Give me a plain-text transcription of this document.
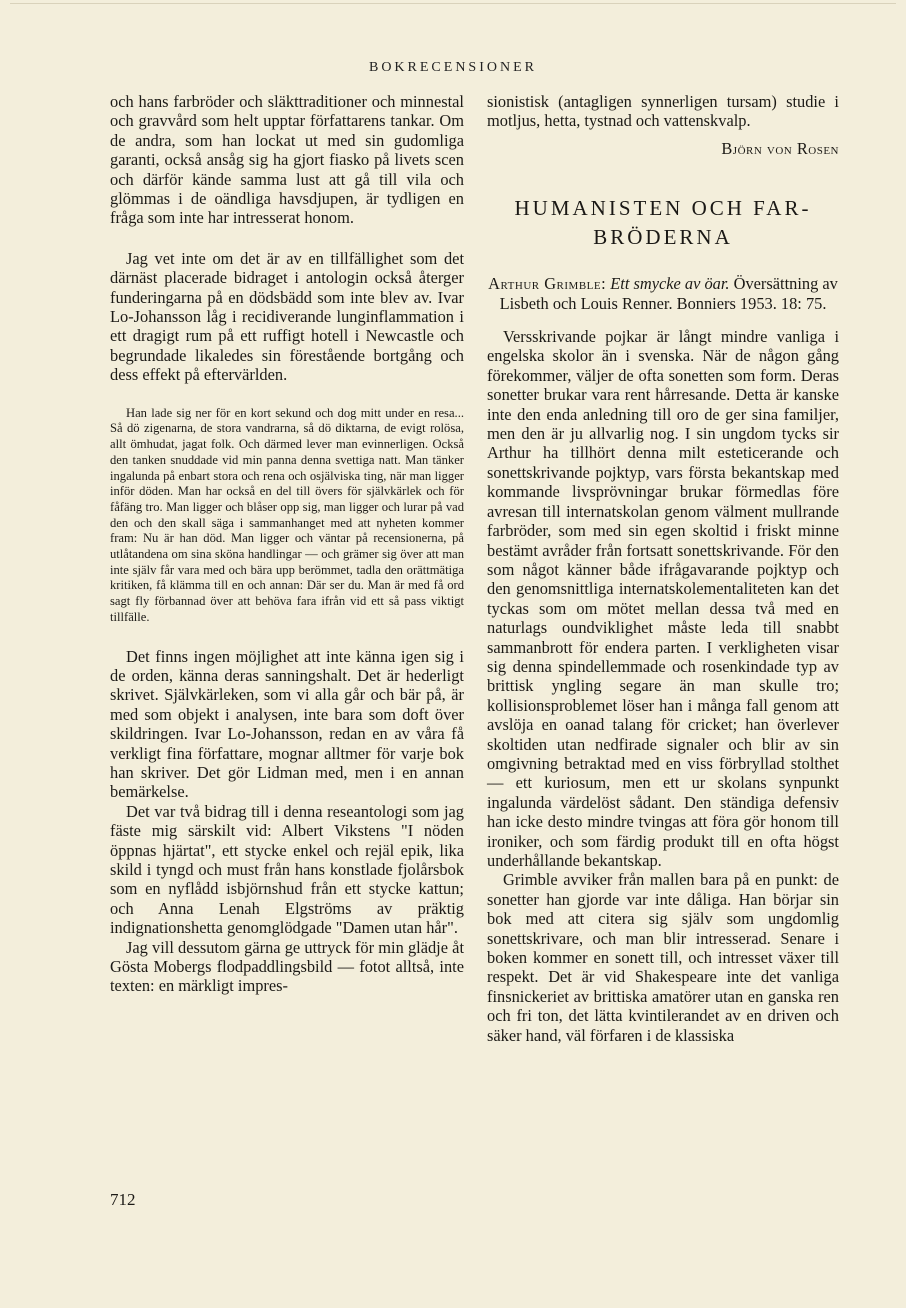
BOKRECENSIONER

och hans farbröder och släkttraditioner och minnestal och gravvård som helt upptar författarens tankar. Om de andra, som han lockat ut med sin gudomliga garanti, också ansåg sig ha gjort fiasko på livets scen och därför kände samma lust att gå till vila och glömmas i de oändliga havsdjupen, är tydligen en fråga som inte har intresserat honom.

Jag vet inte om det är av en tillfällighet som det därnäst placerade bidraget i antologin också återger funderingarna på en dödsbädd som inte blev av. Ivar Lo-Johansson låg i recidiverande lunginflammation i ett dragigt rum på ett ruffigt hotell i Newcastle och begrundade likaledes sin förestående bortgång och dess effekt på eftervärlden.

Han lade sig ner för en kort sekund och dog mitt under en resa... Så dö zigenarna, de stora vandrarna, så dö diktarna, de evigt rolösa, allt ömhudat, jagat folk. Och därmed lever man evinnerligen. Också den tanken snuddade vid min panna denna svettiga natt. Man tänker ingalunda på enbart stora och rena och osjälviska ting, när man ligger inför döden. Man har också en del till övers för självkärlek och för fåfäng tro. Man ligger och blåser opp sig, man ligger och lurar på vad den och den skall säga i sammanhanget med att nyheten kommer fram: Nu är han död. Man ligger och väntar på recensionerna, på utlåtandena om sina sköna handlingar — och grämer sig över att man inte själv får vara med och bära upp berömmet, tadla den orättmätiga kritiken, få klämma till en och annan: Där ser du. Man är med få ord sagt fly förbannad över att behöva fara ifrån vid ett så pass viktigt tillfälle.

Det finns ingen möjlighet att inte känna igen sig i de orden, känna deras sanningshalt. Det är hederligt skrivet. Självkärleken, som vi alla går och bär på, är med som objekt i analysen, inte bara som doft över skildringen. Ivar Lo-Johansson, redan en av våra få verkligt fina författare, mognar alltmer för varje bok han skriver. Det gör Lidman med, men i en annan bemärkelse.

Det var två bidrag till i denna reseantologi som jag fäste mig särskilt vid: Albert Vikstens "I nöden öppnas hjärtat", ett stycke enkel och rejäl epik, lika skild i tyngd och must från hans konstlade fjolårsbok som en nyflådd isbjörnshud från ett stycke kattun; och Anna Lenah Elgströms av präktig indignationshetta genomglödgade "Damen utan hår".

Jag vill dessutom gärna ge uttryck för min glädje åt Gösta Mobergs flodpaddlingsbild — fotot alltså, inte texten: en märkligt impres-

sionistisk (antagligen synnerligen tursam) studie i motljus, hetta, tystnad och vattenskvalp.

Björn von Rosen
HUMANISTEN OCH FAR-
BRÖDERNA
Arthur Grimble: Ett smycke av öar. Översättning av Lisbeth och Louis Renner. Bonniers 1953. 18: 75.

Versskrivande pojkar är långt mindre vanliga i engelska skolor än i svenska. När de någon gång förekommer, väljer de ofta sonetten som form. Deras sonetter brukar vara rent hårresande. Detta är kanske inte den enda anledning till oro de ger sina familjer, men den är ju allvarlig nog. I sin ungdom tycks sir Arthur ha tillhört denna milt esteticerande och sonettskrivande pojktyp, vars första bekantskap med kommande livsprövningar brukar förmedlas före avresan till internatskolan genom välment mullrande farbröder, som med sin egen skoltid i friskt minne bestämt avråder från fortsatt sonettskrivande. För den som något känner både ifrågavarande pojktyp och den genomsnittliga internatskolementaliteten kan det tyckas som om mötet mellan dessa två med en naturlags oundviklighet måste leda till snabbt sammanbrott för endera parten. I verkligheten visar sig denna spindellemmade och rosenkindade typ av brittisk yngling segare än man skulle tro; kollisionsproblemet löser han i många fall genom att avslöja en oanad talang för cricket; han överlever skoltiden utan nedfirade signaler och blir av sin omgivning betraktad med en viss förbryllad stolthet — ett kuriosum, men ett ur skolans synpunkt ingalunda värdelöst sådant. Den ständiga defensiv han icke desto mindre tvingas att föra gör honom till ironiker, och som färdig produkt till en ofta högst underhållande bekantskap.

Grimble avviker från mallen bara på en punkt: de sonetter han gjorde var inte dåliga. Han börjar sin bok med att citera sig själv som ungdomlig sonettskrivare, och man blir intresserad. Senare i boken kommer en sonett till, och intresset växer till respekt. Det är vid Shakespeare inte det vanliga finsnickeriet av brittiska amatörer utan en ganska ren och fri ton, det lätta kvintilerandet av en driven och säker hand, väl förfaren i de klassiska

712
